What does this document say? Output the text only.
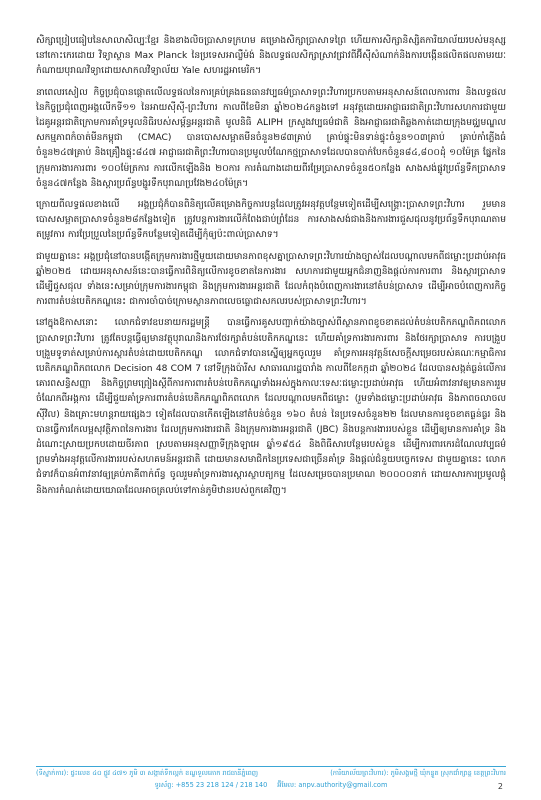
សិក្សាប្រៀបធៀបនៃសាលាសិល្បៈខ្មែរ និងខាងលិចប្រាសាទក្រហម គម្រោងសិក្សាប្រាសាទព្រៃ ហើយការសិក្សានិស្សិតការិយាល័យរបស់មនុស្សនៅកោះកេរដោយ វិទ្យាស្ថាន Max Planck នៃប្រទេសអាល្លឺម៉ង់ និងលទ្ធផលសិក្សាស្រាវជ្រាវពីអ៊ីស៊ីសំណាក់និងការបង្កើនផលិតផលតាមរយៈកំណាយបុរាណវិទ្យាដោយសាកលវិទ្យាល័យ Yale សហរដ្ឋអាមេរិក។

នាពេលរសៀល កិច្ចប្រជុំបានផ្ដោតលើលទ្ធផលនៃការគ្រប់គ្រងធនធានវប្បធម៌ប្រាសាទព្រះវិហារប្រកបតាមអនុសាសន៍ពេលការពារ និងលទ្ធផលនៃកិច្ចប្រជុំពេញអង្គលើកទី១១ នៃអាយស៊ីស៊ី-ព្រះវិហារ កាលពីខែមិនា ឆ្នាំ២០២៤កន្លងទៅ អនុវត្តដោយអាជ្ញាធរជាតិព្រះវិហារសហការជាមួយដៃគូអន្តរជាតិក្រោមការគាំទ្រមូលនិធិរបស់សម្ព័ន្ធអន្តរជាតិ មូលនិធិ ALIPH ក្រសួងវប្បធម៌ជាតិ និងអាជ្ញាធរជាតិឆ្លងកាត់ដោយក្រុងមជ្ឈមណ្ឌលសកម្មភាពកំចាត់មីនកម្ពុជា (CMAC) បានបោសសម្អាតមីនចំនួន២៨៣គ្រាប់ គ្រាប់ផ្ទុះមិនទាន់ផ្ទុះចំនួន១០៣គ្រាប់ គ្រាប់កាំភ្លើងធំចំនួន២៤៧គ្រាប់ និងគ្រឿងផ្ទុះ៨៤៧ អាជ្ញាធរជាតិព្រះវិហារបានប្រមូលបំណែកថ្មប្រាសាទដែលបានបាក់បែកចំនួន៨៤,៨០០ដុំ ១០ម៉ែត្រ ផ្នែកនៃក្រុមការងារការពារ ១០០ម៉ែត្រការ ការលើកឡើងនិង ២០ការ ការតំណាងដោយពីរម្រែប្រាសាទចំនួន៥០កន្លែង សាងសង់ផ្លូវប្រព័ន្ធទឹកប្រាសាទចំនួន៤៧កន្លែង និងស្តារប្រព័ន្ធបង្ហូរទឹកបុរាណប្រវែង២៤០ម៉ែត្រ។

ក្រោយពីលទ្ធផលខាងលើ អង្គប្រជុំក៏បានពិនិត្យលើគម្រោងកិច្ចការបន្តដែលត្រូវអនុវត្តបន្ថែមទៀតដើម្បីសង្គ្រោះប្រាសាទព្រះវិហារ រួមមាន បោសសម្អាតប្រាសាទចំនួន២៨កន្លែងទៀត ត្រូវបន្តការងារលើកំពែងជាប់ព្រំដែន ការសាងសង់ជាងនិងការងារជួសជុលនូវប្រព័ន្ធទឹកបុរាណតាមតម្រូវការ ការប្រែប្រួលនៃប្រព័ន្ធទឹកបន្ថែមទៀតដើម្បីកុំឲ្យប៉ះពាល់ប្រាសាទ។

ជាមួយគ្នានេះ អង្គប្រជុំនៅបានបង្កើតក្រុមការងារថ្មីមួយដោយមានភាពខុសគ្នាប្រាសាទព្រះវិហារយ៉ាងច្បាស់ដែលបណ្ដាលមកពីជម្លោះប្រដាប់អាវុធឆ្នាំ២០២៥ ដោយអនុសាសន៍នេះបានធ្វើការពិនិត្យលើការខូចខាតនៃការងារ សហការជាមួយអ្នកជំនាញនិងផ្ដល់ការការពារ និងស្ដារប្រាសាទ ដើម្បីជួសជុល ទាំងនេះសម្រាប់ក្រុមការងារកម្ពុជា និងក្រុមការងារអន្តរជាតិ ដែលកំពុងបំពេញការងារនៅតំបន់ប្រាសាទ ដើម្បីអាចបំពេញការកិច្ចការពារតំបន់បេតិកភណ្ឌនេះ ជាការចាំបាច់ក្រោមស្ថានភាពលេចធ្លោជាសកលរបស់ប្រាសាទព្រះវិហារ។

នៅក្នុងឱកាសនោះ លោកជំទាវឧបនាយករដ្ឋមន្ត្រី បានធ្វើការគូសបញ្ជាក់យ៉ាងច្បាស់ពីស្ថានភាពខូចខាតដល់តំបន់បេតិកភណ្ឌពិភពលោកប្រាសាទព្រះវិហារ ត្រូវតែបន្តធ្វើឲ្យមានវត្ថុបុរាណនិងការថែរក្សាតំបន់បេតិកភណ្ឌនេះ ហើយគាំទ្រការងារការពារ និងថែរក្សាប្រាសាទ ការបង្រួបបង្រួមទូទាត់សម្រាប់ការស្ដារតំបន់ដោយបេតិកភណ្ឌ លោកជំទាវបានស្នើឲ្យអ្នកចូលរួម គាំទ្រការអនុវត្តន៍សេចក្តីសម្រេចរបស់គណៈកម្មាធិការបេតិកភណ្ឌពិភពលោក Decision 48 COM 7 នៅទីក្រុងប៉ារីស សាធារណរដ្ឋបារាំង កាលពីខែកក្កដា ឆ្នាំ២០២៤ ដែលបានសង្កត់ធ្ងន់លើការគោរពសន្ធិសញ្ញា និងកិច្ចព្រមព្រៀងស្ដីពីការការពារតំបន់បេតិកភណ្ឌទាំងអស់ក្នុងកាលៈទេសៈជម្លោះប្រដាប់អាវុធ ហើយអំពាវនាវឲ្យមានការរួមចំណែកពីអង្គការ ដើម្បីជួយគាំទ្រការពារតំបន់បេតិកភណ្ឌពិភពលោក ដែលបណ្ដាលមកពីជម្លោះ (រួមទាំងជម្លោះប្រដាប់អាវុធ និងភាពចលាចលស៊ីវិល) និងគ្រោះមហន្តរាយផ្សេងៗ ទៀតដែលបានកើតឡើងនៅតំបន់ចំនួន ១៦០ តំបន់ នៃប្រទេសចំនួន២២ ដែលមានការខូចខាតធ្ងន់ធ្ងរ និងបានធ្វើការកែលម្អសុវត្ថិភាពនៃការងារ ដែលក្រុមការងារជាតិ និងក្រុមការងារអន្តរជាតិ (JBC) និងបន្តការងាររបស់ខ្លួន ដើម្បីឲ្យមានការគាំទ្រ និងដំណោះស្រាយប្រកបដោយចីរភាព ស្របតាមអនុសញ្ញាទីក្រុងឡាអេ ឆ្នាំ១៩៥៤ និងពិធីសារបន្ថែមរបស់ខ្លួន ដើម្បីការពារកេរដំណែលវប្បធម៌ ព្រមទាំងអនុវត្តលើការងាររបស់សហគមន៍អន្តរជាតិ ដោយមានសមាជិកនៃប្រទេសជាច្រើនគាំទ្រ និងផ្ដល់ជំនួយបច្ចេកទេស ជាមួយគ្នានេះ លោកជំទាវក៏បានអំពាវនាវឲ្យគ្រប់ភាគីពាក់ព័ន្ធ ចូលរួមគាំទ្រការងារស្ដារស្ថាបត្យកម្ម ដែលសម្រេចបានប្រមាណ ២០០០០នាក់ ដោយសារការប្រមូលផ្ដុំ និងការកំណត់ដោយយោធាដែលអាចត្រលប់ទៅកាន់ភូមិឋានរបស់ពួកគេវិញ។

(ទីស្នាក់ការ): ផ្ទះលេខ ៤០ ផ្លូវ ៤៧១ ភូមិ ៣ សង្កាត់ទឹកល្អក់ ខណ្ឌទួលគោក រាជធានីភ្នំពេញ	(ការិយាល័យព្រះវិហារ): ភូមិសង្គមថ្មី ឃុំកន្ទួត ស្រុកជាំក្សាន្ត ខេត្តព្រះវិហារ
ទូរស័ព្ទ: +855 23 218 124 / 218 140 អ៊ីមែល: anpv.authority@gmail.com	2
